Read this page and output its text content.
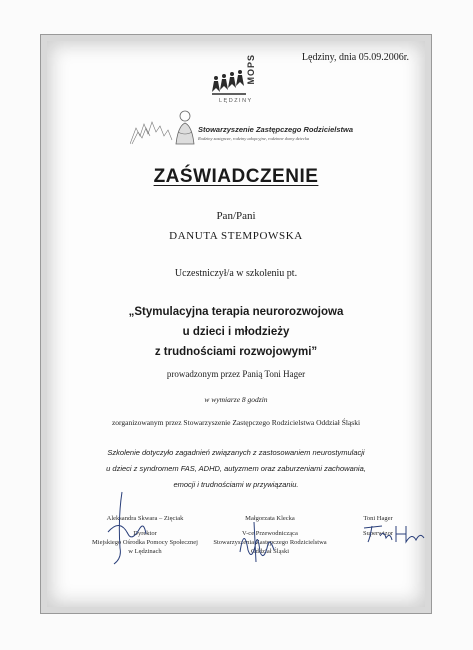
Lędziny, dnia 05.09.2006r.
MOPS
LĘDZINY
Stowarzyszenie Zastępczego Rodzicielstwa
Rodziny zastępcze, rodziny adopcyjne, rodzinne domy dziecka
ZAŚWIADCZENIE
Pan/Pani
DANUTA STEMPOWSKA
Uczestniczył/a w szkoleniu pt.
„Stymulacyjna terapia neurorozwojowa
u dzieci i młodzieży
z trudnościami rozwojowymi”
prowadzonym przez Panią Toni Hager
w wymiarze 8 godzin
zorganizowanym przez Stowarzyszenie Zastępczego Rodzicielstwa Oddział Śląski
Szkolenie dotyczyło zagadnień związanych z zastosowaniem neurostymulacji
u dzieci z syndromem FAS, ADHD, autyzmem oraz zaburzeniami zachowania,
emocji i trudnościami w przywiązaniu.
Aleksandra Skwara – Zięciak
Dyrektor
Miejskiego Ośrodka Pomocy Społecznej
w Lędzinach
Małgorzata Klecka
V-ce Przewodnicząca
Stowarzyszenia Zastępczego Rodzicielstwa
Oddział Śląski
Toni Hager
Superwizor
